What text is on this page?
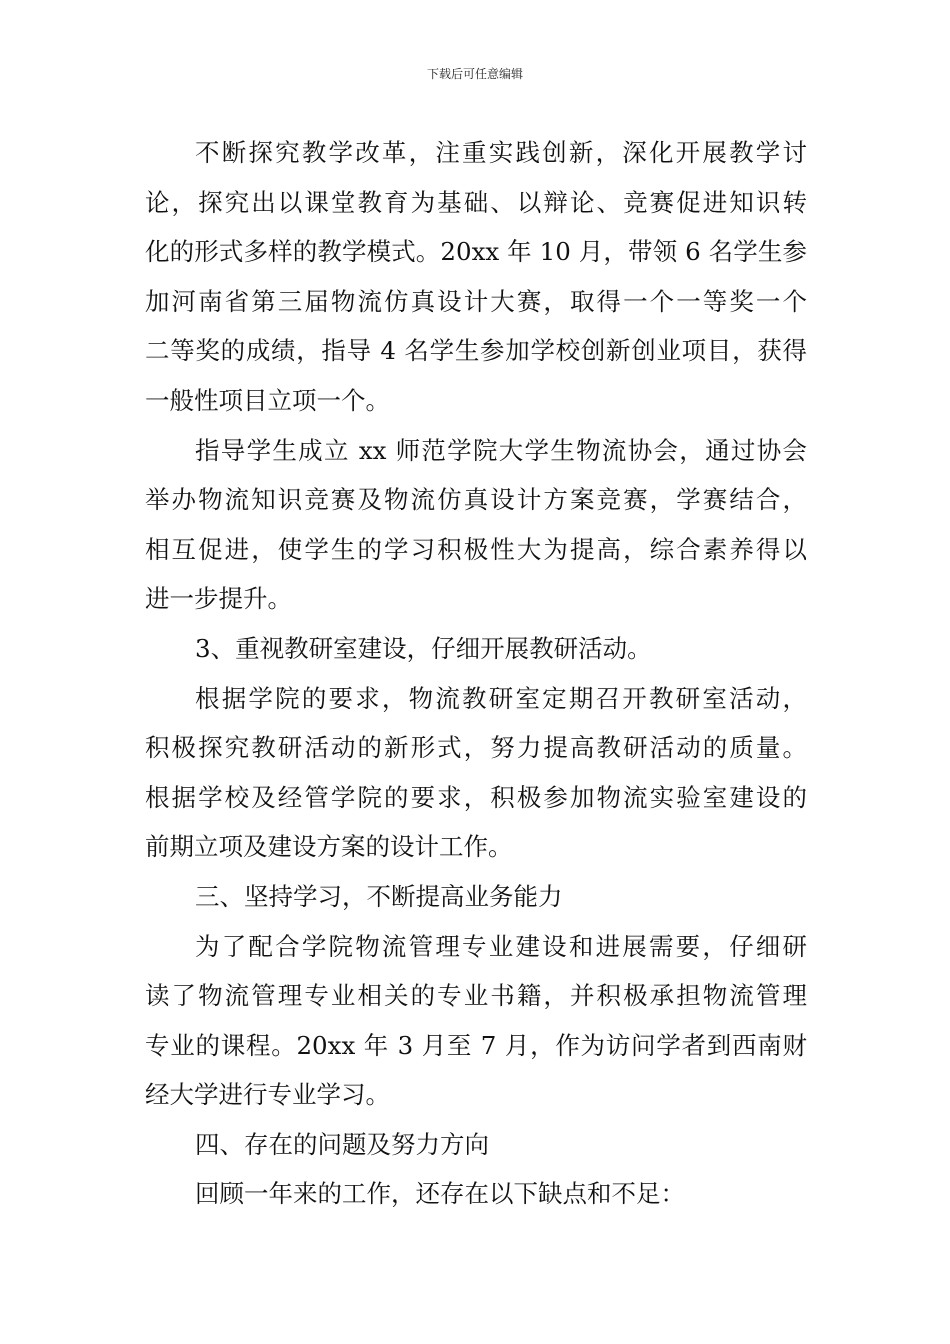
下载后可任意编辑
不断探究教学改革，注重实践创新，深化开展教学讨
论，探究出以课堂教育为基础、以辩论、竞赛促进知识转
化的形式多样的教学模式。20xx 年 10 月，带领 6 名学生参
加河南省第三届物流仿真设计大赛，取得一个一等奖一个
二等奖的成绩，指导 4 名学生参加学校创新创业项目，获得
一般性项目立项一个。
指导学生成立 xx 师范学院大学生物流协会，通过协会
举办物流知识竞赛及物流仿真设计方案竞赛，学赛结合，
相互促进，使学生的学习积极性大为提高，综合素养得以
进一步提升。
3、重视教研室建设，仔细开展教研活动。
根据学院的要求，物流教研室定期召开教研室活动，
积极探究教研活动的新形式，努力提高教研活动的质量。
根据学校及经管学院的要求，积极参加物流实验室建设的
前期立项及建设方案的设计工作。
三、坚持学习，不断提高业务能力
为了配合学院物流管理专业建设和进展需要，仔细研
读了物流管理专业相关的专业书籍，并积极承担物流管理
专业的课程。20xx 年 3 月至 7 月，作为访问学者到西南财
经大学进行专业学习。
四、存在的问题及努力方向
回顾一年来的工作，还存在以下缺点和不足：
